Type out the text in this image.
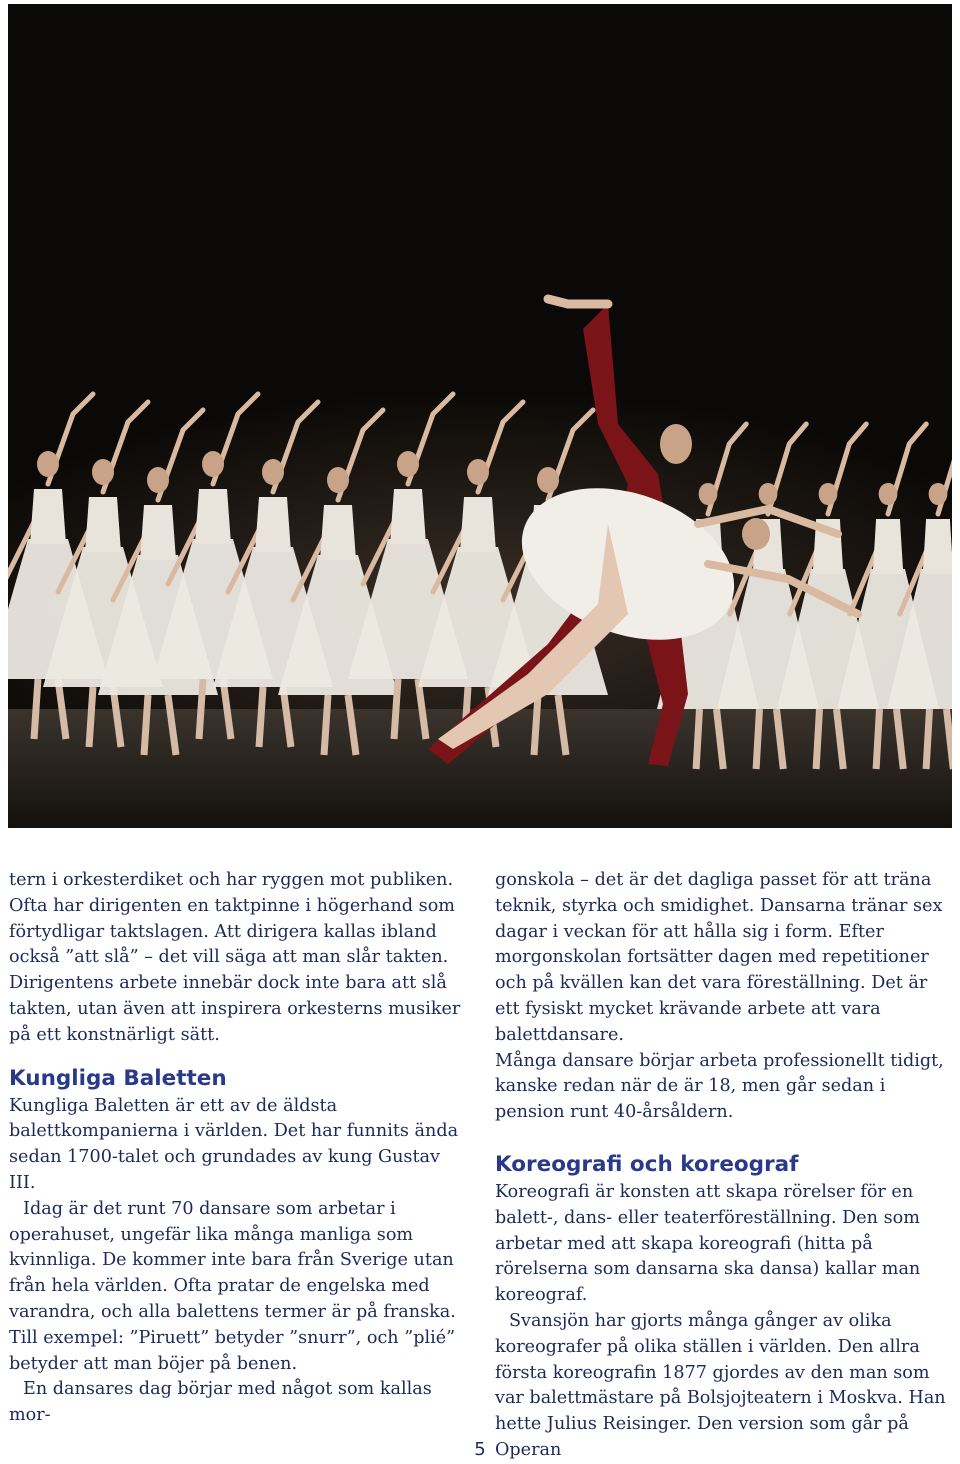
tern i orkesterdiket och har ryggen mot publiken. Ofta har dirigenten en taktpinne i högerhand som förtydligar taktslagen. Att dirigera kallas ibland också ”att slå” – det vill säga att man slår takten. Dirigentens arbete innebär dock inte bara att slå takten, utan även att inspirera orkesterns musiker på ett konstnärligt sätt.

Kungliga Baletten

Kungliga Baletten är ett av de äldsta balettkompanierna i världen. Det har funnits ända sedan 1700-talet och grundades av kung Gustav III.

Idag är det runt 70 dansare som arbetar i operahuset, ungefär lika många manliga som kvinnliga. De kommer inte bara från Sverige utan från hela världen. Ofta pratar de engelska med varandra, och alla balettens termer är på franska. Till exempel: ”Piruett” betyder ”snurr”, och ”plié” betyder att man böjer på benen.

En dansares dag börjar med något som kallas mor-

gonskola – det är det dagliga passet för att träna teknik, styrka och smidighet. Dansarna tränar sex dagar i veckan för att hålla sig i form. Efter morgonskolan fortsätter dagen med repetitioner och på kvällen kan det vara föreställning. Det är ett fysiskt mycket krävande arbete att vara balettdansare.

Många dansare börjar arbeta professionellt tidigt, kanske redan när de är 18, men går sedan i pension runt 40-årsåldern.

Koreografi och koreograf

Koreografi är konsten att skapa rörelser för en balett-, dans- eller teaterföreställning. Den som arbetar med att skapa koreografi (hitta på rörelserna som dansarna ska dansa) kallar man koreograf.

Svansjön har gjorts många gånger av olika koreografer på olika ställen i världen. Den allra första koreografin 1877 gjordes av den man som var balettmästare på Bolsjojteatern i Moskva. Han hette Julius Reisinger. Den version som går på Operan

5
